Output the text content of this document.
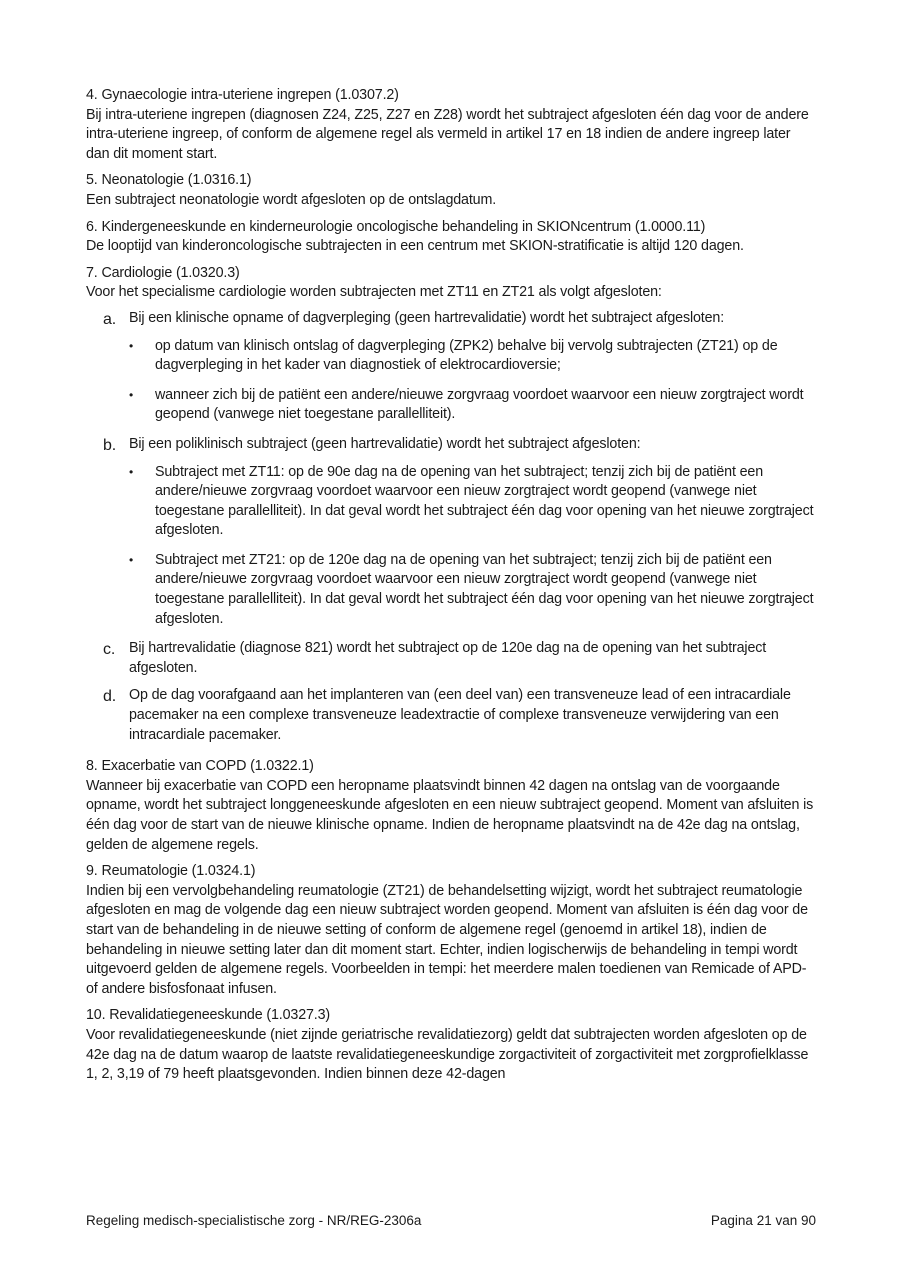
4. Gynaecologie intra-uteriene ingrepen (1.0307.2)

Bij intra-uteriene ingrepen (diagnosen Z24, Z25, Z27 en Z28) wordt het subtraject afgesloten één dag voor de andere intra-uteriene ingreep, of conform de algemene regel als vermeld in artikel 17 en 18 indien de andere ingreep later dan dit moment start.

5. Neonatologie (1.0316.1)

Een subtraject neonatologie wordt afgesloten op de ontslagdatum.

6. Kindergeneeskunde en kinderneurologie oncologische behandeling in SKIONcentrum (1.0000.11)

De looptijd van kinderoncologische subtrajecten in een centrum met SKION-stratificatie is altijd 120 dagen.

7. Cardiologie (1.0320.3)

Voor het specialisme cardiologie worden subtrajecten met ZT11 en ZT21 als volgt afgesloten:

a. Bij een klinische opname of dagverpleging (geen hartrevalidatie) wordt het subtraject afgesloten:
• op datum van klinisch ontslag of dagverpleging (ZPK2) behalve bij vervolg subtrajecten (ZT21) op de dagverpleging in het kader van diagnostiek of elektrocardioversie;
• wanneer zich bij de patiënt een andere/nieuwe zorgvraag voordoet waarvoor een nieuw zorgtraject wordt geopend (vanwege niet toegestane parallelliteit).
b. Bij een poliklinisch subtraject (geen hartrevalidatie) wordt het subtraject afgesloten:
• Subtraject met ZT11: op de 90e dag na de opening van het subtraject; tenzij zich bij de patiënt een andere/nieuwe zorgvraag voordoet waarvoor een nieuw zorgtraject wordt geopend (vanwege niet toegestane parallelliteit). In dat geval wordt het subtraject één dag voor opening van het nieuwe zorgtraject afgesloten.
• Subtraject met ZT21: op de 120e dag na de opening van het subtraject; tenzij zich bij de patiënt een andere/nieuwe zorgvraag voordoet waarvoor een nieuw zorgtraject wordt geopend (vanwege niet toegestane parallelliteit). In dat geval wordt het subtraject één dag voor opening van het nieuwe zorgtraject afgesloten.
c. Bij hartrevalidatie (diagnose 821) wordt het subtraject op de 120e dag na de opening van het subtraject afgesloten.
d. Op de dag voorafgaand aan het implanteren van (een deel van) een transveneuze lead of een intracardiale pacemaker na een complexe transveneuze leadextractie of complexe transveneuze verwijdering van een intracardiale pacemaker.

8. Exacerbatie van COPD (1.0322.1)

Wanneer bij exacerbatie van COPD een heropname plaatsvindt binnen 42 dagen na ontslag van de voorgaande opname, wordt het subtraject longgeneeskunde afgesloten en een nieuw subtraject geopend. Moment van afsluiten is één dag voor de start van de nieuwe klinische opname. Indien de heropname plaatsvindt na de 42e dag na ontslag, gelden de algemene regels.

9. Reumatologie (1.0324.1)

Indien bij een vervolgbehandeling reumatologie (ZT21) de behandelsetting wijzigt, wordt het subtraject reumatologie afgesloten en mag de volgende dag een nieuw subtraject worden geopend. Moment van afsluiten is één dag voor de start van de behandeling in de nieuwe setting of conform de algemene regel (genoemd in artikel 18), indien de behandeling in nieuwe setting later dan dit moment start. Echter, indien logischerwijs de behandeling in tempi wordt uitgevoerd gelden de algemene regels. Voorbeelden in tempi: het meerdere malen toedienen van Remicade of APD- of andere bisfosfonaat infusen.

10. Revalidatiegeneeskunde (1.0327.3)

Voor revalidatiegeneeskunde (niet zijnde geriatrische revalidatiezorg) geldt dat subtrajecten worden afgesloten op de 42e dag na de datum waarop de laatste revalidatiegeneeskundige zorgactiviteit of zorgactiviteit met zorgprofielklasse 1, 2, 3,19 of 79 heeft plaatsgevonden. Indien binnen deze 42-dagen

Regeling medisch-specialistische zorg - NR/REG-2306a	Pagina 21 van 90
